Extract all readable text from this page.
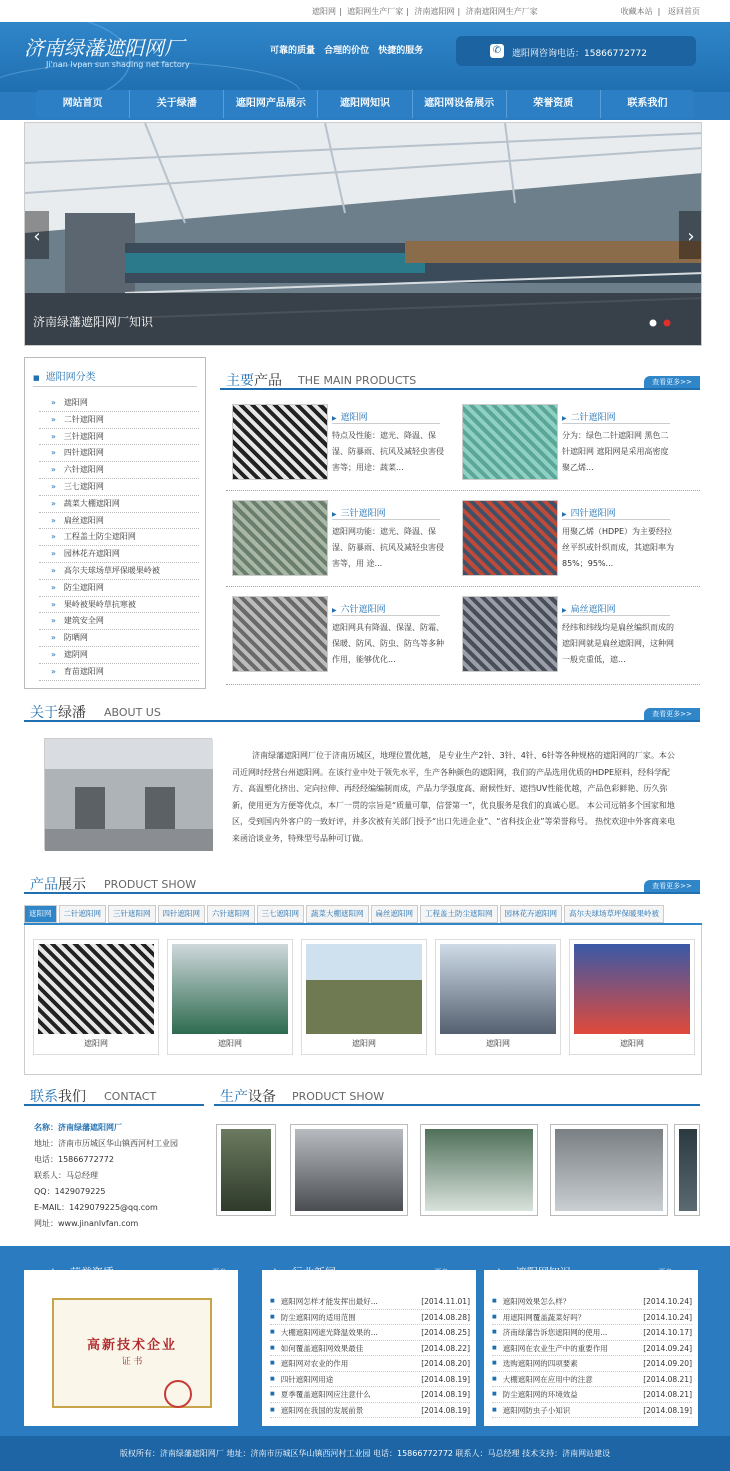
遮阳网 | 遮阳网生产厂家 | 济南遮阳网 | 济南遮阳网生产厂家	收藏本站  |   返回首页
济南绿藩遮阳网厂
Ji'nan lvpan sun shading net factory
可靠的质量 合理的价位 快捷的服务	✆	遮阳网咨询电话：15866772772
网站首页	关于绿潘	遮阳网产品展示	遮阳网知识	遮阳网设备展示	荣誉资质	联系我们
‹	›
济南绿藩遮阳网厂知识
■ 遮阳网分类
» 遮阳网
» 二针遮阳网
» 三针遮阳网
» 四针遮阳网
» 六针遮阳网
» 三七遮阳网
» 蔬菜大棚遮阳网
» 扁丝遮阳网
» 工程盖土防尘遮阳网
» 园林花卉遮阳网
» 高尔夫球场草坪保暖果岭被
» 防尘遮阳网
» 果岭被果岭草抗寒被
» 建筑安全网
» 防晒网
» 遮阴网
» 育苗遮阳网
主要产品 THE MAIN PRODUCTS	查看更多>>
▶ 遮阳网
特点及性能：遮光、降温、保湿、防暴雨、抗风及减轻虫害侵害等；用途：蔬菜...
▶ 二针遮阳网
分为：绿色二针遮阳网 黑色二针遮阳网 遮阳网是采用高密度聚乙烯...
▶ 三针遮阳网
遮阳网功能：遮光、降温、保湿、防暴雨、抗风及减轻虫害侵害等，用 途...
▶ 四针遮阳网
用聚乙烯（HDPE）为主要经拉丝平织或针织而成，其遮阳率为85%；95%...
▶ 六针遮阳网
遮阳网具有降温、保湿、防霜、保暖、防风、防虫、防鸟等多种作用，能够优化...
▶ 扁丝遮阳网
经纬和纬线均是扁丝编织而成的遮阳网就是扁丝遮阳网，这种网一般克重低，遮...
关于绿潘 ABOUT US	查看更多>>
济南绿藩遮阳网厂位于济南历城区，地理位置优越， 是专业生产2针、3针、4针、6针等各种规格的遮阳网的厂家。本公司近网时经营台州遮阳网。在该行业中处于领先水平，生产各种颜色的遮阳网，我们的产品选用优质的HDPE原料，经科学配方、高温塑化挤出、定向拉伸、再经经编编制而成，产品力学强度高、耐候性好、遮挡UV性能优越，产品色彩鲜艳、历久弥新，使用更为方便等优点，本厂一贯的宗旨是“质量可靠，信誉第一”，优良服务是我们的真诚心愿。 本公司远销多个国家和地区，受到国内外客户的一致好评，并多次被有关部门授予“出口先进企业”、“省科技企业”等荣誉称号。 热忱欢迎中外客商来电来函洽谈业务，特殊型号品种可订做。
产品展示 PRODUCT SHOW	查看更多>>
遮阳网	二针遮阳网	三针遮阳网	四针遮阳网	六针遮阳网	三七遮阳网	蔬菜大棚遮阳网	扁丝遮阳网	工程盖土防尘遮阳网	园林花卉遮阳网	高尔夫球场草坪保暖果岭被
遮阳网	遮阳网	遮阳网	遮阳网	遮阳网
联系我们 CONTACT
名称：济南绿藩遮阳网厂
地址：济南市历城区华山镇西河村工业园
电话：15866772772
联系人：马总经理
QQ：1429079225
E-MAIL：1429079225@qq.com
网址：www.jinanlvfan.com
生产设备 PRODUCT SHOW
高新技术企业
证 书
■ 遮阳网怎样才能发挥出最好...	[2014.11.01]
■ 防尘遮阳网的适用范围	[2014.08.28]
■ 大棚遮阳网遮光降温效果的...	[2014.08.25]
■ 如何覆盖遮阳网效果最佳	[2014.08.22]
■ 遮阳网对农业的作用	[2014.08.20]
■ 四针遮阳网用途	[2014.08.19]
■ 夏季覆盖遮阳网应注意什么	[2014.08.19]
■ 遮阳网在我国的发展前景	[2014.08.19]
■ 遮阳网效果怎么样？	[2014.10.24]
■ 用遮阳网覆盖蔬菜好吗？	[2014.10.24]
■ 济南绿藩告诉您遮阳网的使用...	[2014.10.17]
■ 遮阳网在农业生产中的重要作用	[2014.09.24]
■ 选购遮阳网的四项要素	[2014.09.20]
■ 大棚遮阳网在应用中的注意	[2014.08.21]
■ 防尘遮阳网的环境效益	[2014.08.21]
■ 遮阳网防虫子小知识	[2014.08.19]
版权所有：济南绿藩遮阳网厂 地址：济南市历城区华山镇西河村工业园 电话：15866772772 联系人：马总经理 技术支持：济南网站建设
